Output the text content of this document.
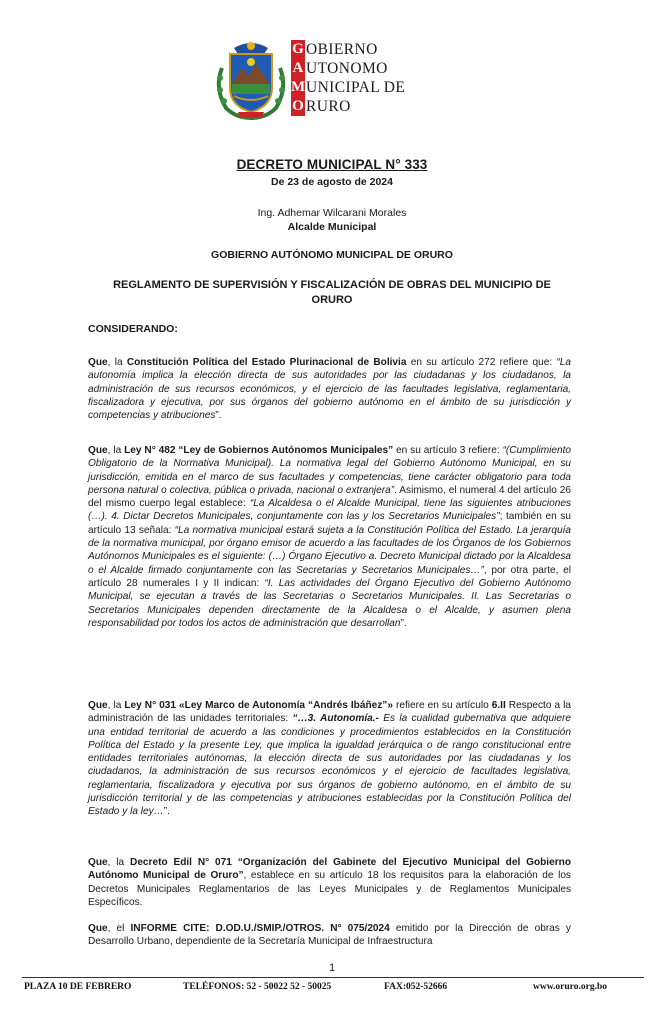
G OBIERNO
A UTONOMO
M UNICIPAL DE
O RURO
DECRETO MUNICIPAL N° 333
De 23 de agosto de 2024
Ing. Adhemar Wilcarani Morales
Alcalde Municipal
GOBIERNO AUTÓNOMO MUNICIPAL DE ORURO
REGLAMENTO DE SUPERVISIÓN Y FISCALIZACIÓN DE OBRAS DEL MUNICIPIO DE ORURO
CONSIDERANDO:
Que, la Constitución Política del Estado Plurinacional de Bolivia en su artículo 272 refiere que: “La autonomía implica la elección directa de sus autoridades por las ciudadanas y los ciudadanos, la administración de sus recursos económicos, y el ejercicio de las facultades legislativa, reglamentaria, fiscalizadora y ejecutiva, por sus órganos del gobierno autónomo en el ámbito de su jurisdicción y competencias y atribuciones”.
Que, la Ley N° 482 “Ley de Gobiernos Autónomos Municipales” en su artículo 3 refiere: “(Cumplimiento Obligatorio de la Normativa Municipal). La normativa legal del Gobierno Autónomo Municipal, en su jurisdicción, emitida en el marco de sus facultades y competencias, tiene carácter obligatorio para toda persona natural o colectiva, pública o privada, nacional o extranjera”. Asimismo, el numeral 4 del artículo 26 del mismo cuerpo legal establece: “La Alcaldesa o el Alcalde Municipal, tiene las siguientes atribuciones (…). 4. Dictar Decretos Municipales, conjuntamente con las y los Secretarios Municipales”; también en su artículo 13 señala: “La normativa municipal estará sujeta a la Constitución Política del Estado. La jerarquía de la normativa municipal, por órgano emisor de acuerdo a las facultades de los Órganos de los Gobiernos Autónomos Municipales es el siguiente: (…) Órgano Ejecutivo a. Decreto Municipal dictado por la Alcaldesa o el Alcalde firmado conjuntamente con las Secretarias y Secretarios Municipales…”, por otra parte, el artículo 28 numerales I y II indican: “I. Las actividades del Órgano Ejecutivo del Gobierno Autónomo Municipal, se ejecutan a través de las Secretarias o Secretarios Municipales. II. Las Secretarias o Secretarios Municipales dependen directamente de la Alcaldesa o el Alcalde, y asumen plena responsabilidad por todos los actos de administración que desarrollan”.
Que, la Ley N° 031 «Ley Marco de Autonomía “Andrés Ibáñez”» refiere en su artículo 6.II Respecto a la administración de las unidades territoriales: “…3. Autonomía.- Es la cualidad gubernativa que adquiere una entidad territorial de acuerdo a las condiciones y procedimientos establecidos en la Constitución Política del Estado y la presente Ley, que implica la igualdad jerárquica o de rango constitucional entre entidades territoriales autónomas, la elección directa de sus autoridades por las ciudadanas y los ciudadanos, la administración de sus recursos económicos y el ejercicio de facultades legislativa, reglamentaria, fiscalizadora y ejecutiva por sus órganos de gobierno autónomo, en el ámbito de su jurisdicción territorial y de las competencias y atribuciones establecidas por la Constitución Política del Estado y la ley…”.
Que, la Decreto Edil N° 071 “Organización del Gabinete del Ejecutivo Municipal del Gobierno Autónomo Municipal de Oruro”, establece en su artículo 18 los requisitos para la elaboración de los Decretos Municipales Reglamentarios de las Leyes Municipales y de Reglamentos Municipales Específicos.
Que, el INFORME CITE: D.OD.U./SMIP./OTROS. N° 075/2024 emitido por la Dirección de obras y Desarrollo Urbano, dependiente de la Secretaría Municipal de Infraestructura
1
PLAZA 10 DE FEBRERO	TELÉFONOS: 52 - 50022 52 - 50025	FAX:052-52666	www.oruro.org.bo
